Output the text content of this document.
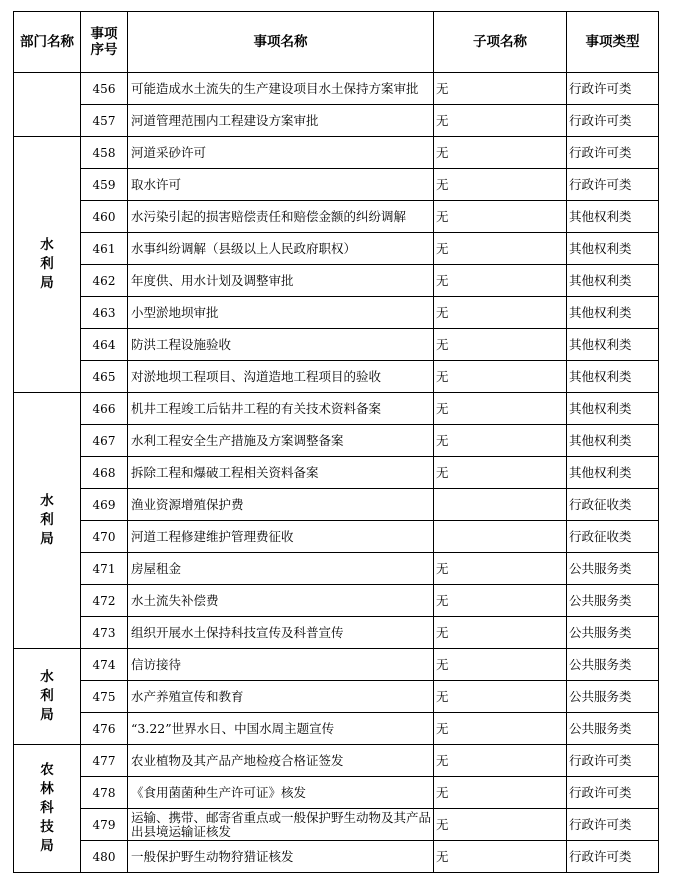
部门名称	事项序号	事项名称	子项名称	事项类型
	456	可能造成水土流失的生产建设项目水土保持方案审批	无	行政许可类
	457	河道管理范围内工程建设方案审批	无	行政许可类
水利局	458	河道采砂许可	无	行政许可类
	459	取水许可	无	行政许可类
	460	水污染引起的损害赔偿责任和赔偿金额的纠纷调解	无	其他权利类
	461	水事纠纷调解（县级以上人民政府职权）	无	其他权利类
	462	年度供、用水计划及调整审批	无	其他权利类
	463	小型淤地坝审批	无	其他权利类
	464	防洪工程设施验收	无	其他权利类
	465	对淤地坝工程项目、沟道造地工程项目的验收	无	其他权利类
水利局	466	机井工程竣工后钻井工程的有关技术资料备案	无	其他权利类
	467	水利工程安全生产措施及方案调整备案	无	其他权利类
	468	拆除工程和爆破工程相关资料备案	无	其他权利类
	469	渔业资源增殖保护费		行政征收类
	470	河道工程修建维护管理费征收		行政征收类
	471	房屋租金	无	公共服务类
	472	水土流失补偿费	无	公共服务类
	473	组织开展水土保持科技宣传及科普宣传	无	公共服务类
水利局	474	信访接待	无	公共服务类
	475	水产养殖宣传和教育	无	公共服务类
	476	“3.22”世界水日、中国水周主题宣传	无	公共服务类
农林科技局	477	农业植物及其产品产地检疫合格证签发	无	行政许可类
	478	《食用菌菌种生产许可证》核发	无	行政许可类
	479	运输、携带、邮寄省重点或一般保护野生动物及其产品出县境运输证核发	无	行政许可类
	480	一般保护野生动物狩猎证核发	无	行政许可类
